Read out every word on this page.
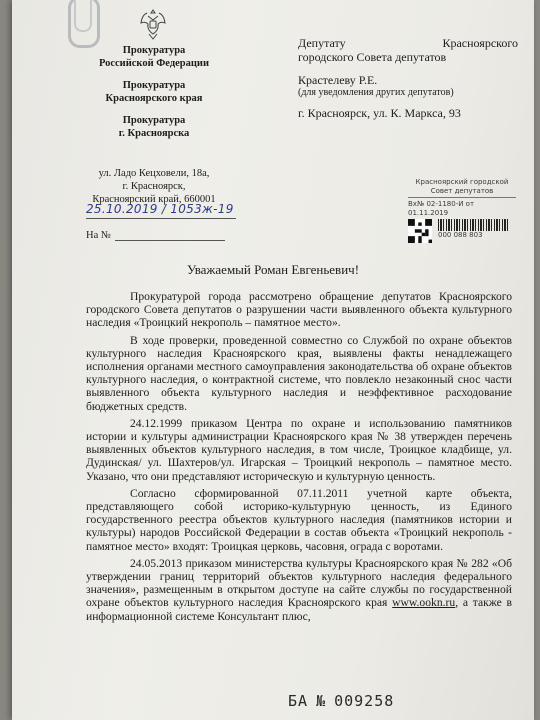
Прокуратура
Российской Федерации
Прокуратура
Красноярского края
Прокуратура
г. Красноярска
ул. Ладо Кецховели, 18а,
г. Красноярск,
Красноярский край, 660001
25.10.2019 / 1053ж-19
На №
Депутату	Красноярского
городского Совета депутатов
Крастелеву Р.Е.
(для уведомления других депутатов)
г. Красноярск, ул. К. Маркса, 93
Красноярский городской
Совет депутатов
Вх№ 02-1180-И от 01.11.2019
000 088 803
Уважаемый Роман Евгеньевич!

Прокуратурой города рассмотрено обращение депутатов Красноярского городского Совета депутатов о разрушении части выявленного объекта культурного наследия «Троицкий некрополь – памятное место».

В ходе проверки, проведенной совместно со Службой по охране объектов культурного наследия Красноярского края, выявлены факты ненадлежащего исполнения органами местного самоуправления законодательства об охране объектов культурного наследия, о контрактной системе, что повлекло незаконный снос части выявленного объекта культурного наследия и неэффективное расходование бюджетных средств.

24.12.1999 приказом Центра по охране и использованию памятников истории и культуры администрации Красноярского края № 38 утвержден перечень выявленных объектов культурного наследия, в том числе, Троицкое кладбище, ул. Дудинская/ ул. Шахтеров/ул. Игарская – Троицкий некрополь – памятное место. Указано, что они представляют историческую и культурную ценность.

Согласно сформированной 07.11.2011 учетной карте объекта, представляющего собой историко-культурную ценность, из Единого государственного реестра объектов культурного наследия (памятников истории и культуры) народов Российской Федерации в состав объекта «Троицкий некрополь - памятное место» входят: Троицкая церковь, часовня, ограда с воротами.

24.05.2013 приказом министерства культуры Красноярского края № 282 «Об утверждении границ территорий объектов культурного наследия федерального значения», размещенным в открытом доступе на сайте службы по государственной охране объектов культурного наследия Красноярского края www.ookn.ru, а также в информационной системе Консультант плюс,

БА № 009258
